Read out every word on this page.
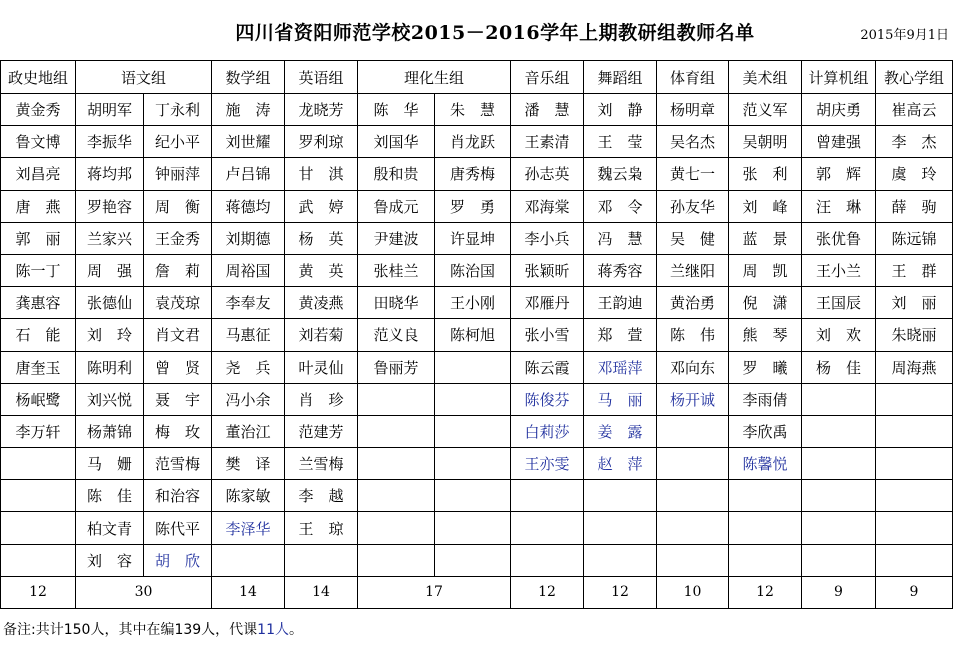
四川省资阳师范学校2015－2016学年上期教研组教师名单	2015年9月1日
政史地组	语文组		数学组	英语组	理化生组		音乐组	舞蹈组	体育组	美术组	计算机组	教心学组
黄金秀	胡明军	丁永利	施　涛	龙晓芳	陈　华	朱　慧	潘　慧	刘　静	杨明章	范义军	胡庆勇	崔高云
鲁文博	李振华	纪小平	刘世耀	罗利琼	刘国华	肖龙跃	王素清	王　莹	吴名杰	吴朝明	曾建强	李　杰
刘昌亮	蒋均邦	钟丽萍	卢吕锦	甘　淇	殷和贵	唐秀梅	孙志英	魏云枭	黄七一	张　利	郭　辉	虞　玲
唐　燕	罗艳容	周　衡	蒋德均	武　婷	鲁成元	罗　勇	邓海棠	邓　令	孙友华	刘　峰	汪　琳	薛　驹
郭　丽	兰家兴	王金秀	刘期德	杨　英	尹建波	许显坤	李小兵	冯　慧	吴　健	蓝　景	张优鲁	陈远锦
陈一丁	周　强	詹　莉	周裕国	黄　英	张桂兰	陈治国	张颖昕	蒋秀容	兰继阳	周　凯	王小兰	王　群
龚惠容	张德仙	袁茂琼	李奉友	黄凌燕	田晓华	王小刚	邓雁丹	王韵迪	黄治勇	倪　潇	王国辰	刘　丽
石　能	刘　玲	肖文君	马惠征	刘若菊	范义良	陈柯旭	张小雪	郑　萱	陈　伟	熊　琴	刘　欢	朱晓丽
唐奎玉	陈明利	曾　贤	尧　兵	叶灵仙	鲁丽芳		陈云霞	邓瑶萍	邓向东	罗　曦	杨　佳	周海燕
杨岷鹭	刘兴悦	聂　宇	冯小余	肖　珍			陈俊芬	马　丽	杨开诚	李雨倩		
李万轩	杨萧锦	梅　玫	董治江	范建芳			白莉莎	姜　露		李欣禹		
	马　姗	范雪梅	樊　译	兰雪梅			王亦雯	赵　萍		陈馨悦		
	陈　佳	和治容	陈家敏	李　越								
	柏文青	陈代平	李泽华	王　琼								
	刘　容	胡　欣										
12	30		14	14	17		12	12	10	12	9	9
备注:共计150人，其中在编139人，代课11人。
